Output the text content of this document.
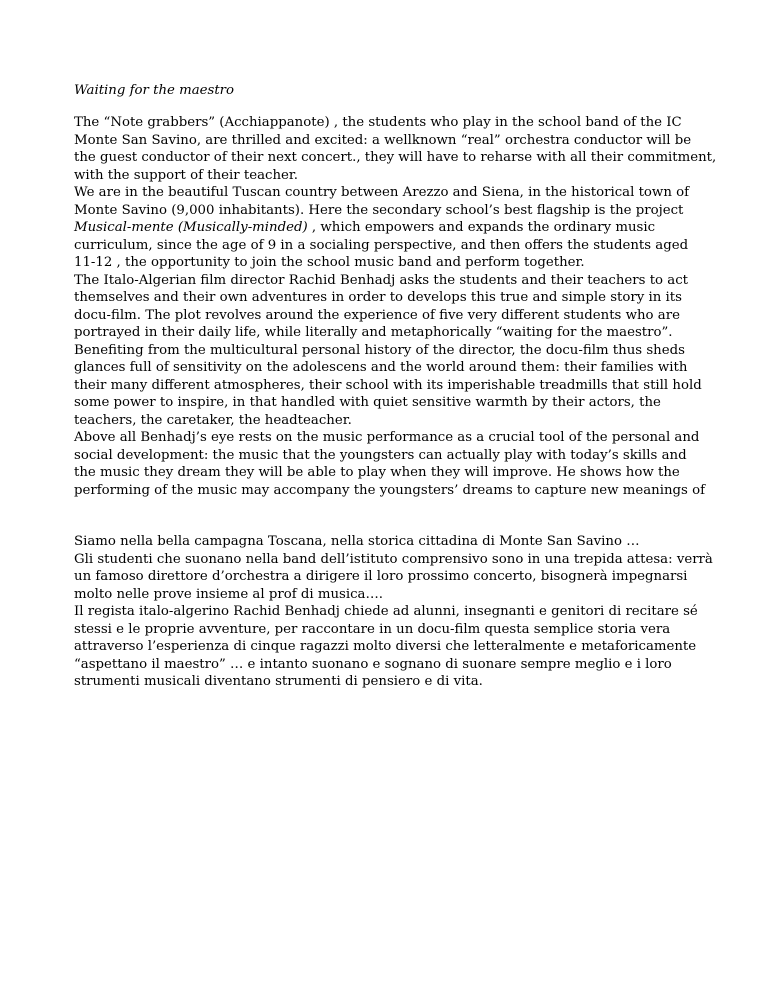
Waiting for the maestro
The “Note grabbers” (Acchiappanote) , the students who play in the school band of the IC
Monte San Savino, are thrilled and excited: a wellknown “real” orchestra conductor will be
the guest conductor of their next concert., they will have to reharse with all their commitment,
with the support of their teacher.
We are in the beautiful Tuscan country between Arezzo and Siena, in the historical town of
Monte Savino (9,000 inhabitants). Here the secondary school’s best flagship is the project
Musical-mente (Musically-minded) , which empowers and expands the ordinary music
curriculum, since the age of 9 in a socialing perspective, and then offers the students aged
11-12 , the opportunity to join the school music band and perform together.
The Italo-Algerian film director Rachid Benhadj asks the students and their teachers to act
themselves and their own adventures in order to develops this true and simple story in its
docu-film. The plot revolves around the experience of five very different students who are
portrayed in their daily life, while literally and metaphorically “waiting for the maestro”.
Benefiting from the multicultural personal history of the director, the docu-film thus sheds
glances full of sensitivity on the adolescens and the world around them: their families with
their many different atmospheres, their school with its imperishable treadmills that still hold
some power to inspire, in that handled with quiet sensitive warmth by their actors, the
teachers, the caretaker, the headteacher.
Above all Benhadj’s eye rests on the music performance as a crucial tool of the personal and
social development: the music that the youngsters can actually play with today’s skills and
the music they dream they will be able to play when they will improve. He shows how the
performing of the music may accompany the youngsters’ dreams to capture new meanings of
Siamo nella bella campagna Toscana, nella storica cittadina di Monte San Savino …
Gli studenti che suonano nella band dell’istituto comprensivo sono in una trepida attesa: verrà
un famoso direttore d’orchestra a dirigere il loro prossimo concerto, bisognerà impegnarsi
molto nelle prove insieme al prof di musica….
Il regista italo-algerino Rachid Benhadj chiede ad alunni, insegnanti e genitori di recitare sé
stessi e le proprie avventure, per raccontare in un docu-film questa semplice storia vera
attraverso l’esperienza di cinque ragazzi molto diversi che letteralmente e metaforicamente
“aspettano il maestro” … e intanto suonano e sognano di suonare sempre meglio e i loro
strumenti musicali diventano strumenti di pensiero e di vita.
